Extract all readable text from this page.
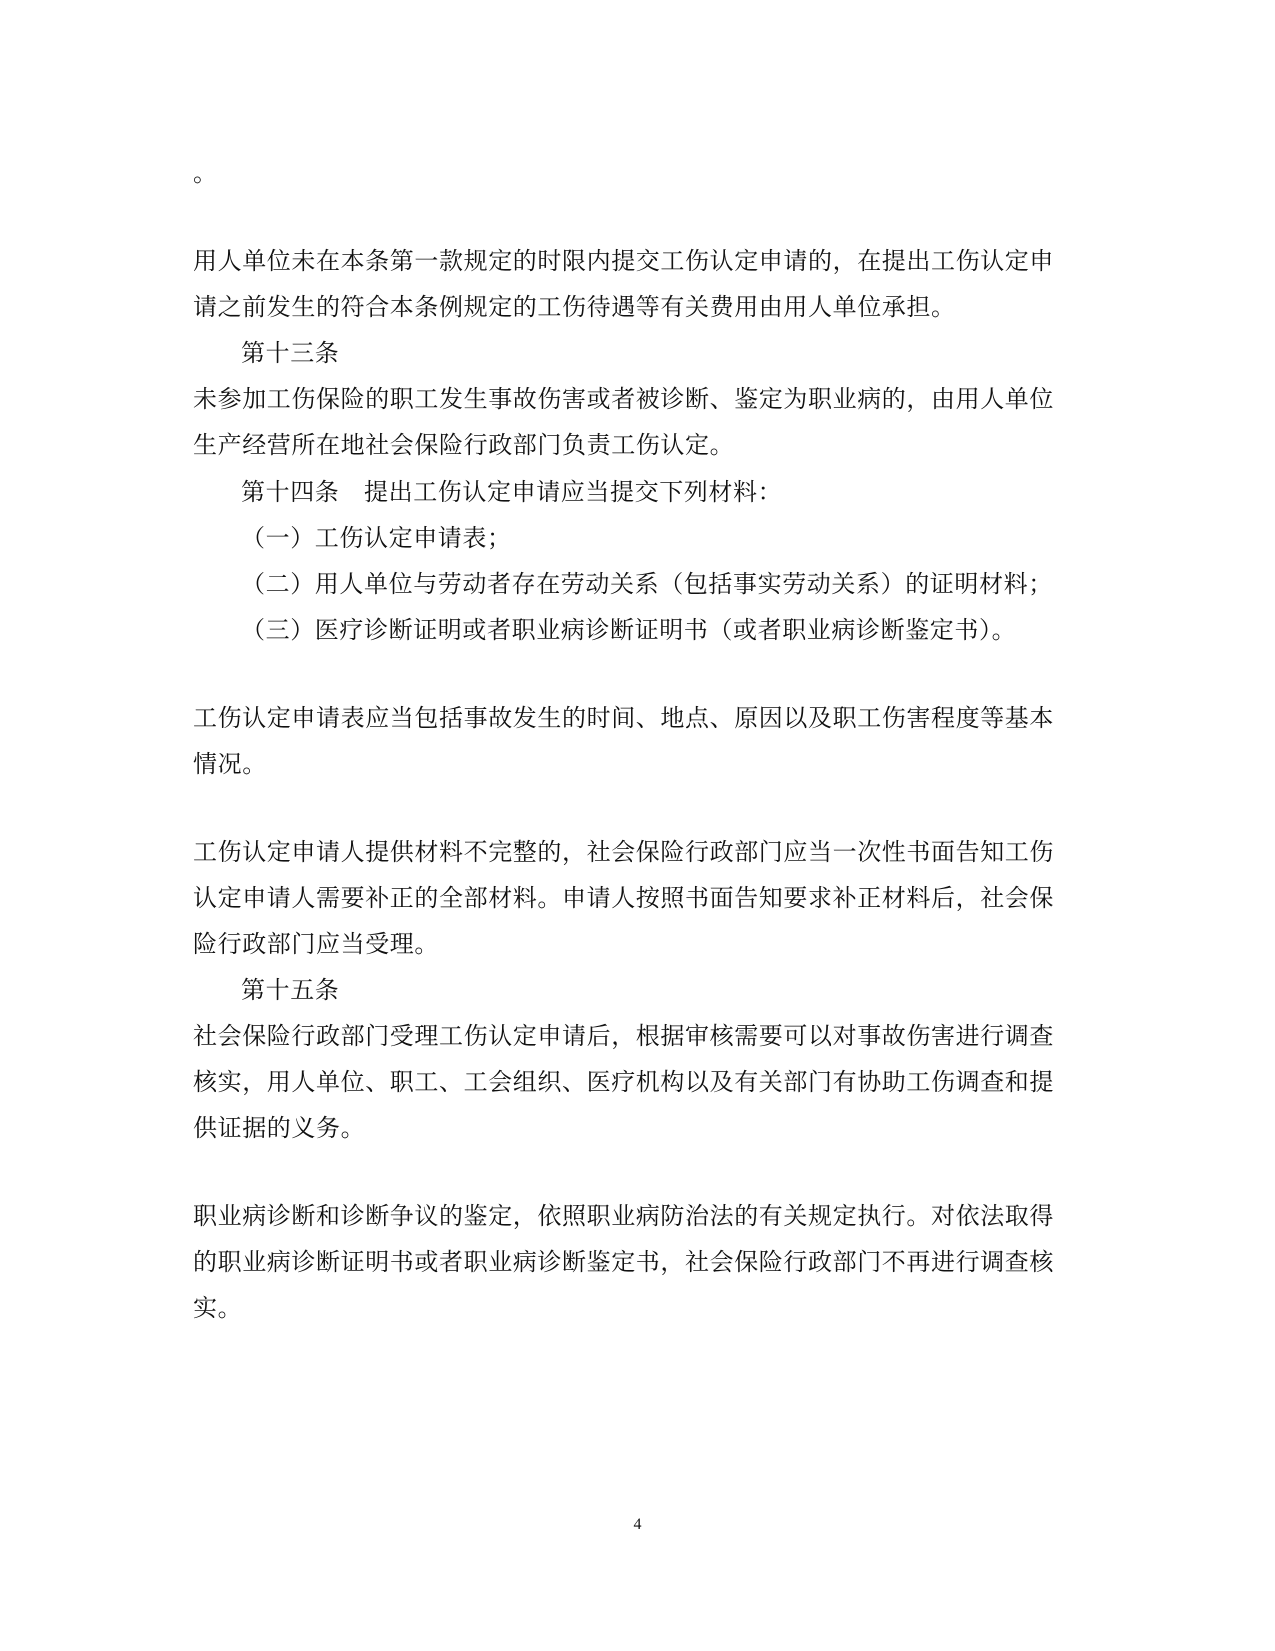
。
用人单位未在本条第一款规定的时限内提交工伤认定申请的，在提出工伤认定申
请之前发生的符合本条例规定的工伤待遇等有关费用由用人单位承担。
第十三条
未参加工伤保险的职工发生事故伤害或者被诊断、鉴定为职业病的，由用人单位
生产经营所在地社会保险行政部门负责工伤认定。
第十四条　提出工伤认定申请应当提交下列材料：
（一）工伤认定申请表；
（二）用人单位与劳动者存在劳动关系（包括事实劳动关系）的证明材料；
（三）医疗诊断证明或者职业病诊断证明书（或者职业病诊断鉴定书）。
工伤认定申请表应当包括事故发生的时间、地点、原因以及职工伤害程度等基本
情况。
工伤认定申请人提供材料不完整的，社会保险行政部门应当一次性书面告知工伤
认定申请人需要补正的全部材料。申请人按照书面告知要求补正材料后，社会保
险行政部门应当受理。
第十五条
社会保险行政部门受理工伤认定申请后，根据审核需要可以对事故伤害进行调查
核实，用人单位、职工、工会组织、医疗机构以及有关部门有协助工伤调查和提
供证据的义务。
职业病诊断和诊断争议的鉴定，依照职业病防治法的有关规定执行。对依法取得
的职业病诊断证明书或者职业病诊断鉴定书，社会保险行政部门不再进行调查核
实。
4
